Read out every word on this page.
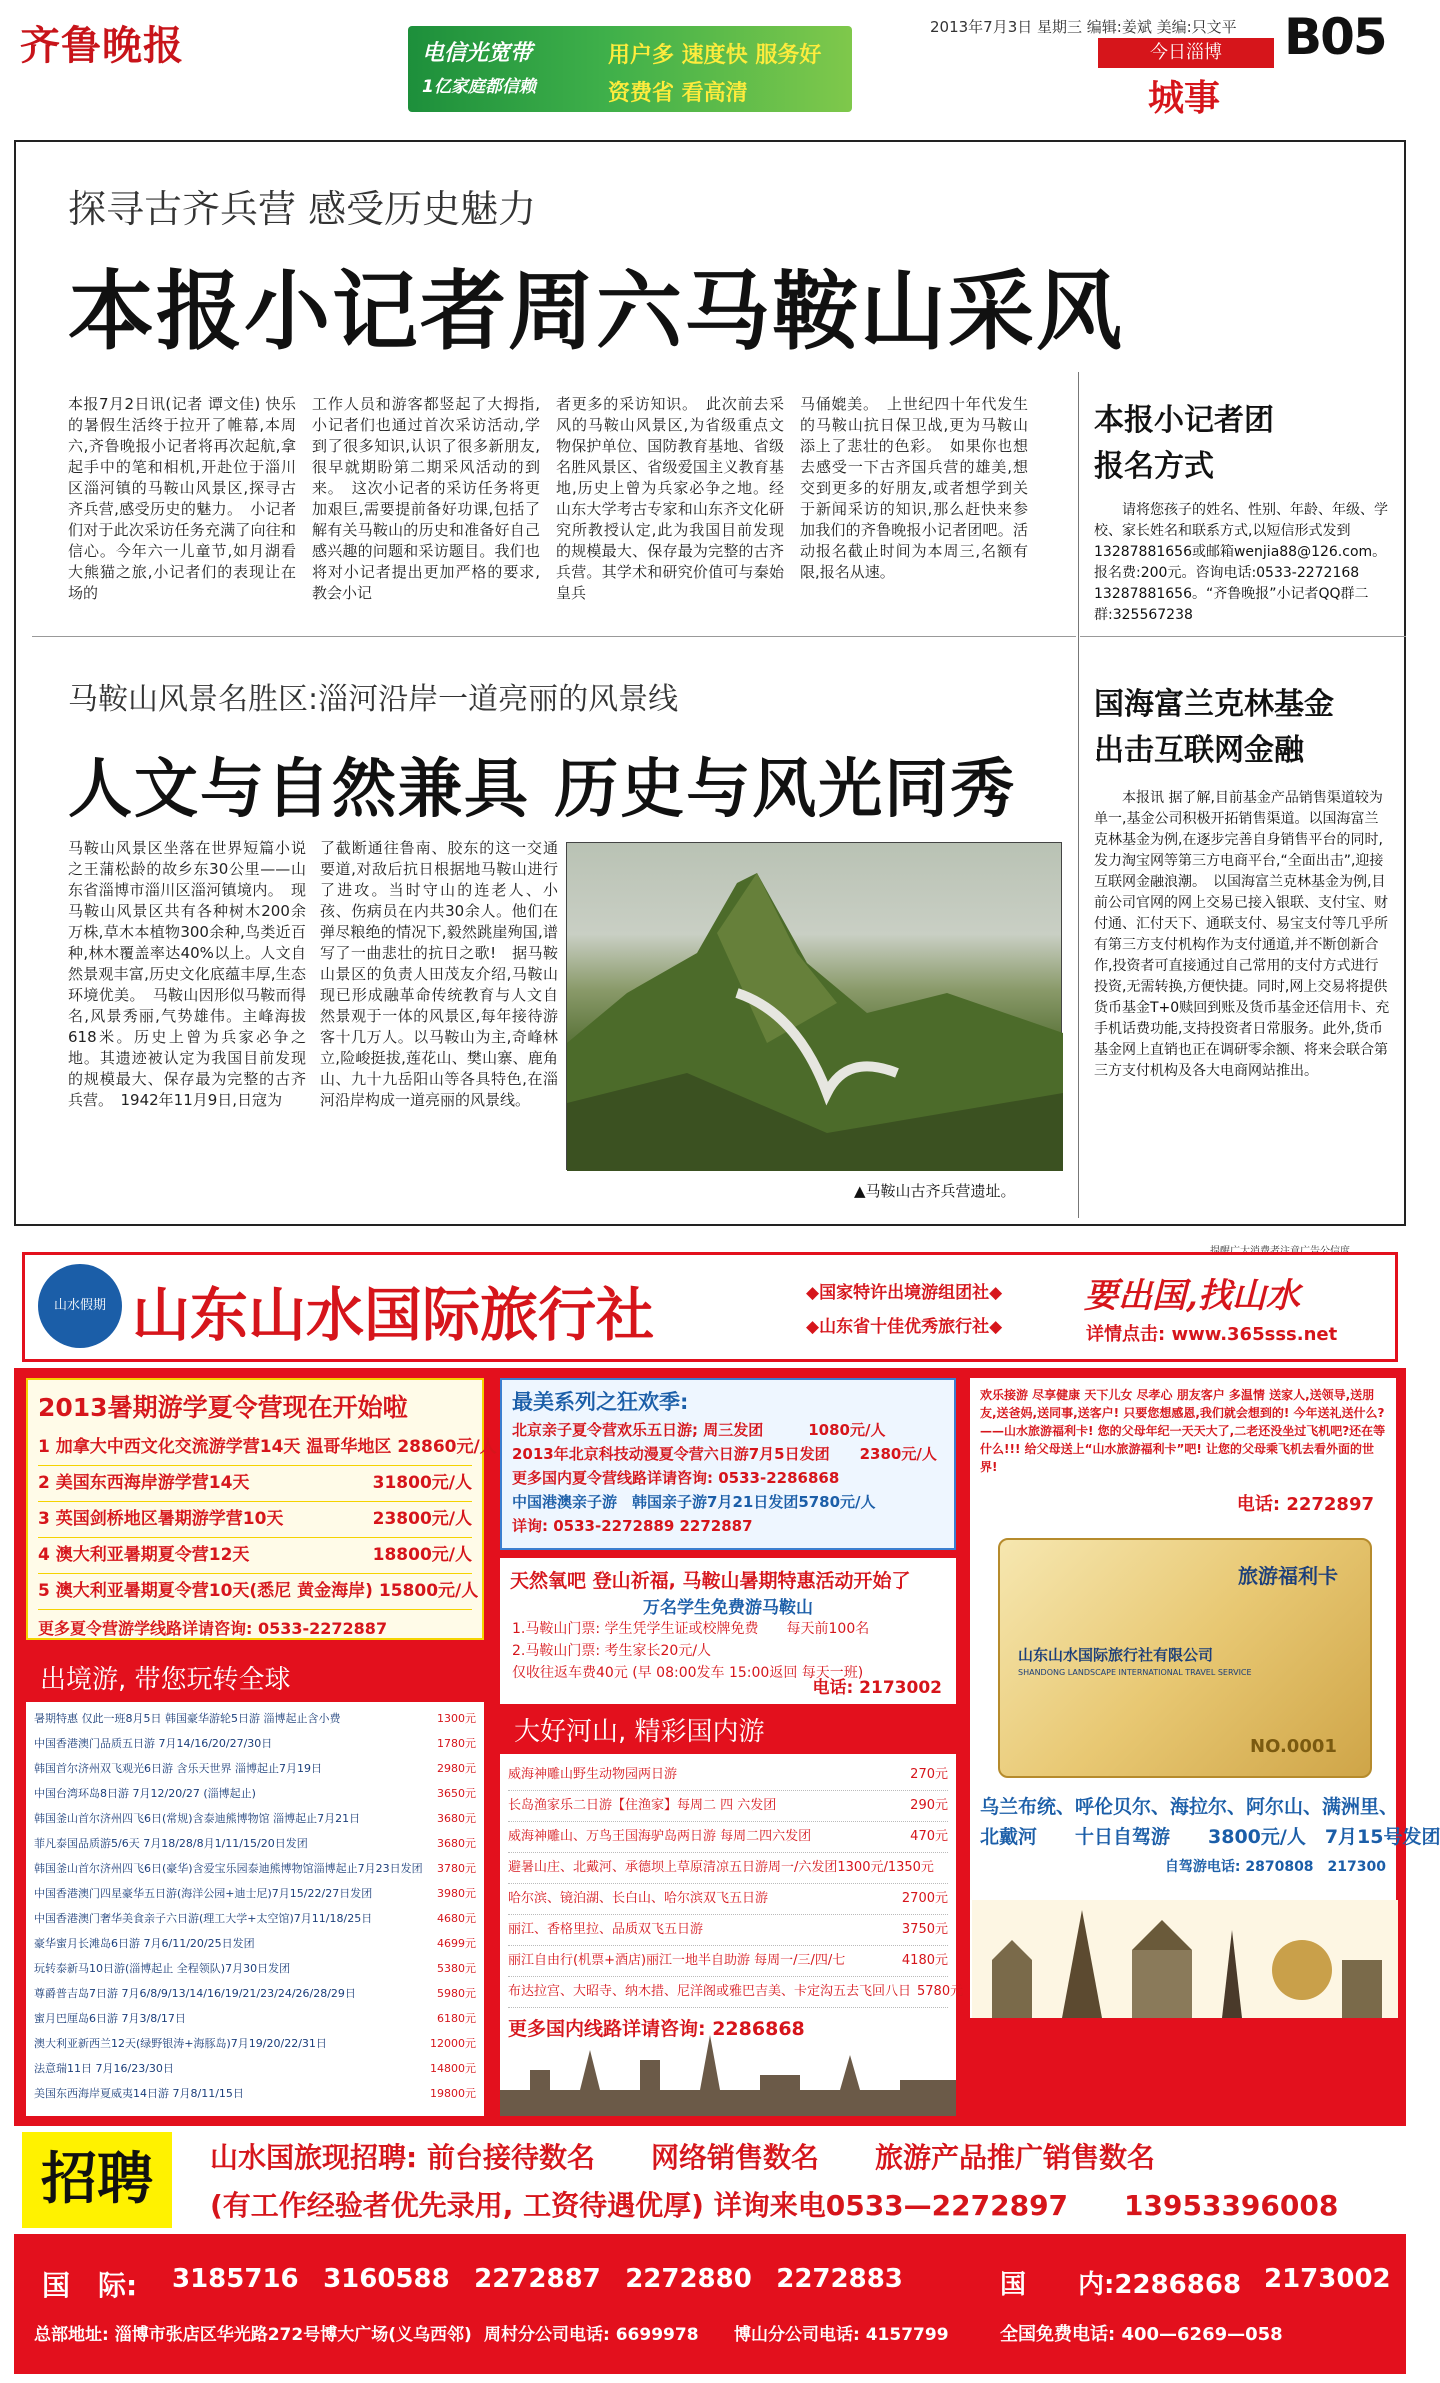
齐鲁晚报	电信光宽带
1亿家庭都信赖
用户多 速度快 服务好
资费省 看高清
2013年7月3日 星期三 编辑:姜斌 美编:只文平
今日淄博
城事
B05
探寻古齐兵营 感受历史魅力
本报小记者周六马鞍山采风
本报7月2日讯(记者 谭文佳) 快乐的暑假生活终于拉开了帷幕,本周六,齐鲁晚报小记者将再次起航,拿起手中的笔和相机,开赴位于淄川区淄河镇的马鞍山风景区,探寻古齐兵营,感受历史的魅力。　小记者们对于此次采访任务充满了向往和信心。今年六一儿童节,如月湖看大熊猫之旅,小记者们的表现让在场的
工作人员和游客都竖起了大拇指,小记者们也通过首次采访活动,学到了很多知识,认识了很多新朋友,很早就期盼第二期采风活动的到来。　这次小记者的采访任务将更加艰巨,需要提前备好功课,包括了解有关马鞍山的历史和准备好自己感兴趣的问题和采访题目。我们也将对小记者提出更加严格的要求,教会小记
者更多的采访知识。　此次前去采风的马鞍山风景区,为省级重点文物保护单位、国防教育基地、省级名胜风景区、省级爱国主义教育基地,历史上曾为兵家必争之地。经山东大学考古专家和山东齐文化研究所教授认定,此为我国目前发现的规模最大、保存最为完整的古齐兵营。其学术和研究价值可与秦始皇兵
马俑媲美。　上世纪四十年代发生的马鞍山抗日保卫战,更为马鞍山添上了悲壮的色彩。　如果你也想去感受一下古齐国兵营的雄美,想交到更多的好朋友,或者想学到关于新闻采访的知识,那么赶快来参加我们的齐鲁晚报小记者团吧。活动报名截止时间为本周三,名额有限,报名从速。
本报小记者团
报名方式
请将您孩子的姓名、性别、年龄、年级、学校、家长姓名和联系方式,以短信形式发到13287881656或邮箱wenjia88@126.com。　报名费:200元。咨询电话:0533-2272168 13287881656。“齐鲁晚报”小记者QQ群二群:325567238
马鞍山风景名胜区:淄河沿岸一道亮丽的风景线
人文与自然兼具 历史与风光同秀
马鞍山风景区坐落在世界短篇小说之王蒲松龄的故乡东30公里——山东省淄博市淄川区淄河镇境内。　现马鞍山风景区共有各种树木200余万株,草木本植物300余种,鸟类近百种,林木覆盖率达40%以上。人文自然景观丰富,历史文化底蕴丰厚,生态环境优美。　马鞍山因形似马鞍而得名,风景秀丽,气势雄伟。主峰海拔618米。历史上曾为兵家必争之地。其遗迹被认定为我国目前发现的规模最大、保存最为完整的古齐兵营。　1942年11月9日,日寇为
了截断通往鲁南、胶东的这一交通要道,对敌后抗日根据地马鞍山进行了进攻。当时守山的连老人、小孩、伤病员在内共30余人。他们在弹尽粮绝的情况下,毅然跳崖殉国,谱写了一曲悲壮的抗日之歌!　据马鞍山景区的负责人田茂友介绍,马鞍山现已形成融革命传统教育与人文自然景观于一体的风景区,每年接待游客十几万人。以马鞍山为主,奇峰林立,险峻挺拔,莲花山、樊山寨、鹿角山、九十九岳阳山等各具特色,在淄河沿岸构成一道亮丽的风景线。
▲马鞍山古齐兵营遗址。
国海富兰克林基金
出击互联网金融
本报讯 据了解,目前基金产品销售渠道较为单一,基金公司积极开拓销售渠道。以国海富兰克林基金为例,在逐步完善自身销售平台的同时,发力淘宝网等第三方电商平台,“全面出击”,迎接互联网金融浪潮。　以国海富兰克林基金为例,目前公司官网的网上交易已接入银联、支付宝、财付通、汇付天下、通联支付、易宝支付等几乎所有第三方支付机构作为支付通道,并不断创新合作,投资者可直接通过自己常用的支付方式进行投资,无需转换,方便快捷。同时,网上交易将提供货币基金T+0赎回到账及货币基金还信用卡、充手机话费功能,支持投资者日常服务。此外,货币基金网上直销也正在调研零余额、将来会联合第三方支付机构及各大电商网站推出。
提醒广大消费者注意广告公信度
山水假期 山东山水国际旅行社	◆国家特许出境游组团社◆
◆山东省十佳优秀旅行社◆
要出国,找山水
详情点击: www.365sss.net
2013暑期游学夏令营现在开始啦
1 加拿大中西文化交流游学营14天 温哥华地区 28860元/人
2 美国东西海岸游学营14天	31800元/人
3 英国剑桥地区暑期游学营10天	23800元/人
4 澳大利亚暑期夏令营12天	18800元/人
5 澳大利亚暑期夏令营10天(悉尼 黄金海岸) 15800元/人
更多夏令营游学线路详请咨询: 0533-2272887
最美系列之狂欢季:
北京亲子夏令营欢乐五日游; 周三发团　　　1080元/人
2013年北京科技动漫夏令营六日游7月5日发团　　2380元/人
更多国内夏令营线路详请咨询: 0533-2286868
中国港澳亲子游　韩国亲子游7月21日发团5780元/人
详询: 0533-2272889 2272887
天然氧吧 登山祈福, 马鞍山暑期特惠活动开始了
万名学生免费游马鞍山
1.马鞍山门票: 学生凭学生证或校牌免费　　每天前100名
2.马鞍山门票: 考生家长20元/人
仅收往返车费40元 (早 08:00发车 15:00返回 每天一班)
电话: 2173002
欢乐接游 尽享健康 天下儿女 尽孝心 朋友客户 多温情 送家人,送领导,送朋友,送爸妈,送同事,送客户! 只要您想感恩,我们就会想到的! 今年送礼送什么?——山水旅游福利卡! 您的父母年纪一天天大了,二老还没坐过飞机吧?还在等什么!!! 给父母送上“山水旅游福利卡”吧! 让您的父母乘飞机去看外面的世界!
电话: 2272897
旅游福利卡
山东山水国际旅行社有限公司
SHANDONG LANDSCAPE INTERNATIONAL TRAVEL SERVICE
NO.0001
乌兰布统、呼伦贝尔、海拉尔、阿尔山、满洲里、
北戴河　　十日自驾游　　3800元/人　7月15号发团
自驾游电话: 2870808　217300
出境游, 带您玩转全球
暑期特惠 仅此一班8月5日 韩国豪华游轮5日游 淄博起止含小费	1300元
中国香港澳门品质五日游 7月14/16/20/27/30日	1780元
韩国首尔济州双飞观光6日游 含乐天世界 淄博起止7月19日	2980元
中国台湾环岛8日游 7月12/20/27 (淄博起止)	3650元
韩国釜山首尔济州四飞6日(常规)含泰迪熊博物馆 淄博起止7月21日	3680元
菲凡泰国品质游5/6天 7月18/28/8月1/11/15/20日发团	3680元
韩国釜山首尔济州四飞6日(豪华)含爱宝乐园泰迪熊博物馆淄博起止7月23日发团	3780元
中国香港澳门四星豪华五日游(海洋公园+迪士尼)7月15/22/27日发团	3980元
中国香港澳门奢华美食亲子六日游(理工大学+太空馆)7月11/18/25日	4680元
豪华蜜月长滩岛6日游 7月6/11/20/25日发团	4699元
玩转泰新马10日游(淄博起止 全程领队)7月30日发团	5380元
尊爵普吉岛7日游 7月6/8/9/13/14/16/19/21/23/24/26/28/29日	5980元
蜜月巴厘岛6日游 7月3/8/17日	6180元
澳大利亚新西兰12天(绿野银涛+海豚岛)7月19/20/22/31日	12000元
法意瑞11日 7月16/23/30日	14800元
美国东西海岸夏威夷14日游 7月8/11/15日	19800元
大好河山, 精彩国内游
威海神雕山野生动物园两日游	270元
长岛渔家乐二日游【住渔家】每周二 四 六发团	290元
威海神雕山、万鸟王国海驴岛两日游 每周二四六发团	470元
避暑山庄、北戴河、承德坝上草原清凉五日游周一/六发团1300元/1350元
哈尔滨、镜泊湖、长白山、哈尔滨双飞五日游	2700元
丽江、香格里拉、品质双飞五日游	3750元
丽江自由行(机票+酒店)丽江一地半自助游 每周一/三/四/七	4180元
布达拉宫、大昭寺、纳木措、尼洋阁或雅巴吉美、卡定沟五去飞回八日 5780元
更多国内线路详请咨询: 2286868
招聘	山水国旅现招聘: 前台接待数名　　网络销售数名　　旅游产品推广销售数名
(有工作经验者优先录用, 工资待遇优厚) 详询来电0533—2272897　　13953396008
国　际: 3185716 3160588 2272887 2272880 2272883	国　　内:2286868 2173002
总部地址: 淄博市张店区华光路272号博大广场(义乌西邻) 周村分公司电话: 6699978 博山分公司电话: 4157799	全国免费电话: 400—6269—058
